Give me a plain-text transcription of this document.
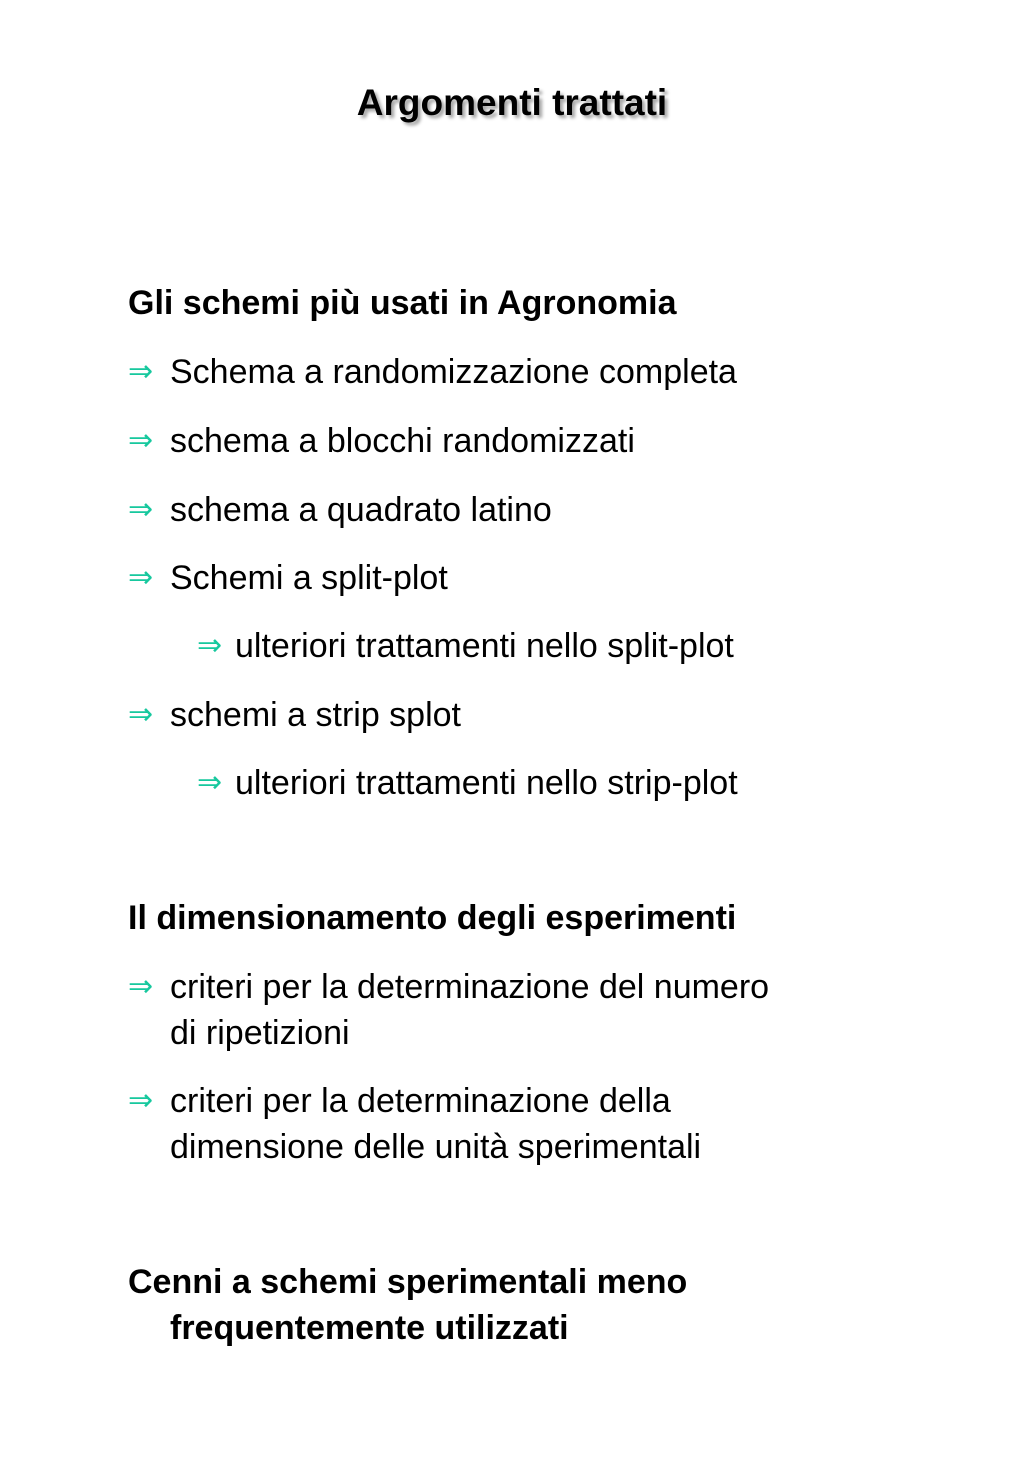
Argomenti trattati
Gli schemi più usati in Agronomia
⇒ Schema a randomizzazione completa
⇒ schema a blocchi randomizzati
⇒ schema a quadrato latino
⇒ Schemi a split-plot
⇒ ulteriori trattamenti nello split-plot
⇒ schemi a strip splot
⇒ ulteriori trattamenti nello strip-plot
Il dimensionamento degli esperimenti
⇒ criteri per la determinazione del numero
di ripetizioni
⇒ criteri per la determinazione della
dimensione delle unità sperimentali
Cenni a schemi sperimentali meno
frequentemente utilizzati
